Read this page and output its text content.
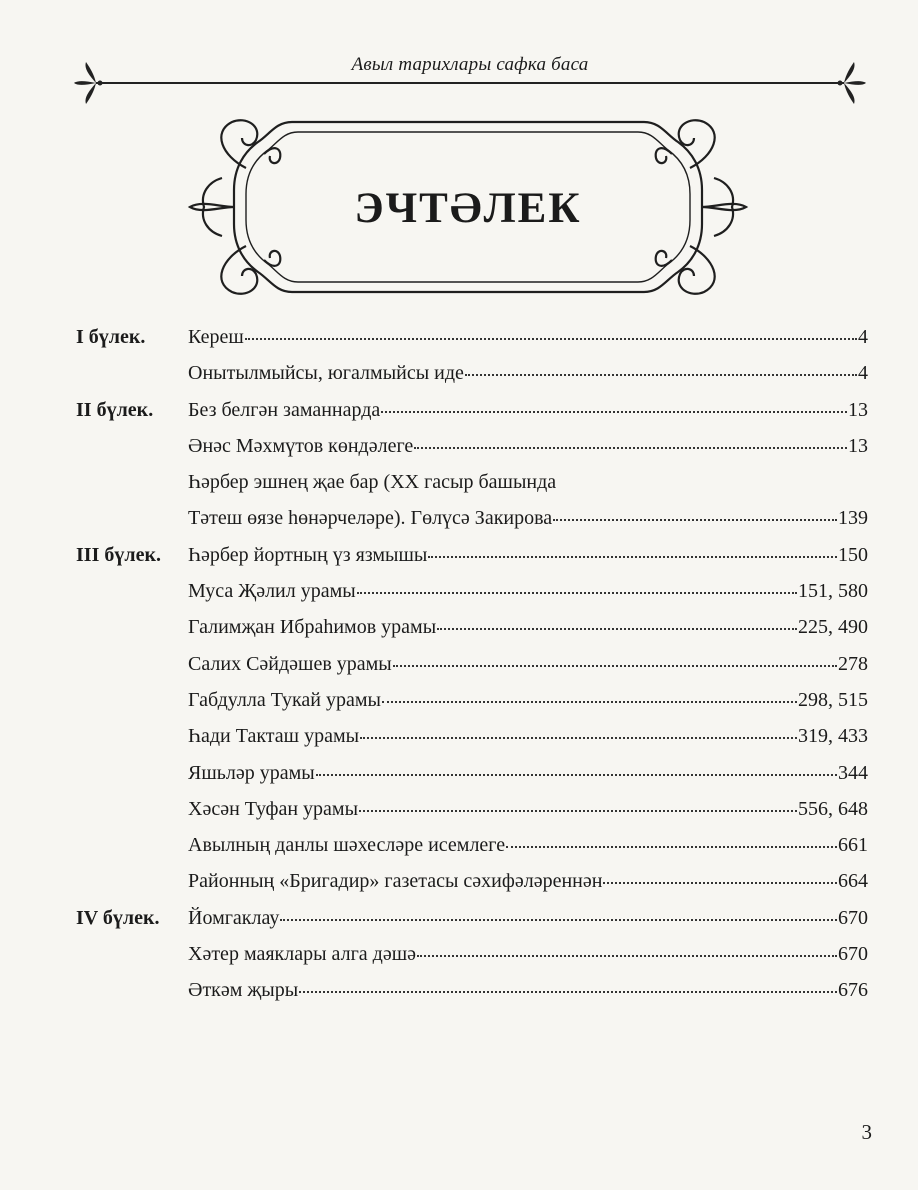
Авыл тарихлары сафка баса
ЭЧТӘЛЕК
I бүлек. Кереш	4
Онытылмыйсы, югалмыйсы иде	4
II бүлек. Без белгән заманнарда	13
Әнәс Мәхмүтов көндәлеге	13
Һәрбер эшнең җае бар (XX гасыр башында
Тәтеш өязе һөнәрчеләре). Гөлүсә Закирова	139
III бүлек. Һәрбер йортның үз язмышы	150
Муса Җәлил урамы	151, 580
Галимҗан Ибраһимов урамы	225, 490
Салих Сәйдәшев урамы	278
Габдулла Тукай урамы	298, 515
Һади Такташ урамы	319, 433
Яшьләр урамы	344
Хәсән Туфан урамы	556, 648
Авылның данлы шәхесләре исемлеге	661
Районның «Бригадир» газетасы сәхифәләреннән	664
IV бүлек. Йомгаклау	670
Хәтер маяклары алга дәшә	670
Әткәм җыры	676
3
